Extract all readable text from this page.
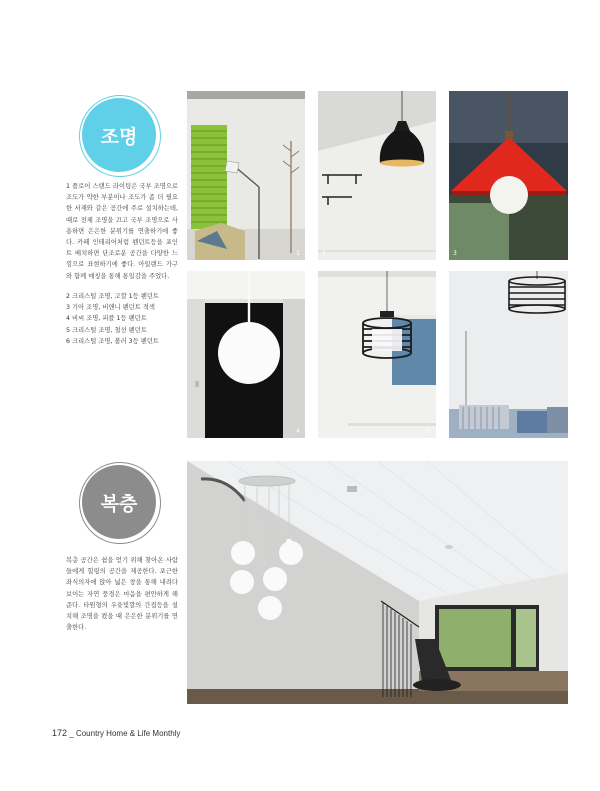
조명
1 플로어 스탠드 라이팅은 국부 조명으로 조도가 약한 부분이나 조도가 좀 더 필요한 서재와 같은 공간에 주로 설치하는데, 때로 전체 조명을 끄고 국부 조명으로 사용하면 은은한 분위기를 연출하기에 좋다. 카페 인테리어처럼 펜던트등을 포인트 배치하면 단조로운 공간을 다양한 느낌으로 표현하기에 좋다. 아일랜드 가구와 함께 매칭을 통해 통일감을 주었다.
2 크리스털 조명, 고깔 1등 펜던트
3 기아 조명, 비앤니 펜던트 적색
4 비씨 조명, 피플 1등 펜던트
5 크리스털 조명, 철선 펜던트
6 크리스털 조명, 볼러 3등 펜던트
1	2	3
4	5
복층
복층 공간은 쉼을 얻기 위해 찾아온 사람들에게 힐링의 공간을 제공한다. 포근한 좌식의자에 앉아 넓은 창을 통해 내려다보이는 자연 풍경은 마음을 편안하게 해준다. 타원형의 우윳빛깔의 간접등을 설치해 조명을 켰을 때 은은한 분위기를 연출한다.
172 _ Country Home & Life Monthly
